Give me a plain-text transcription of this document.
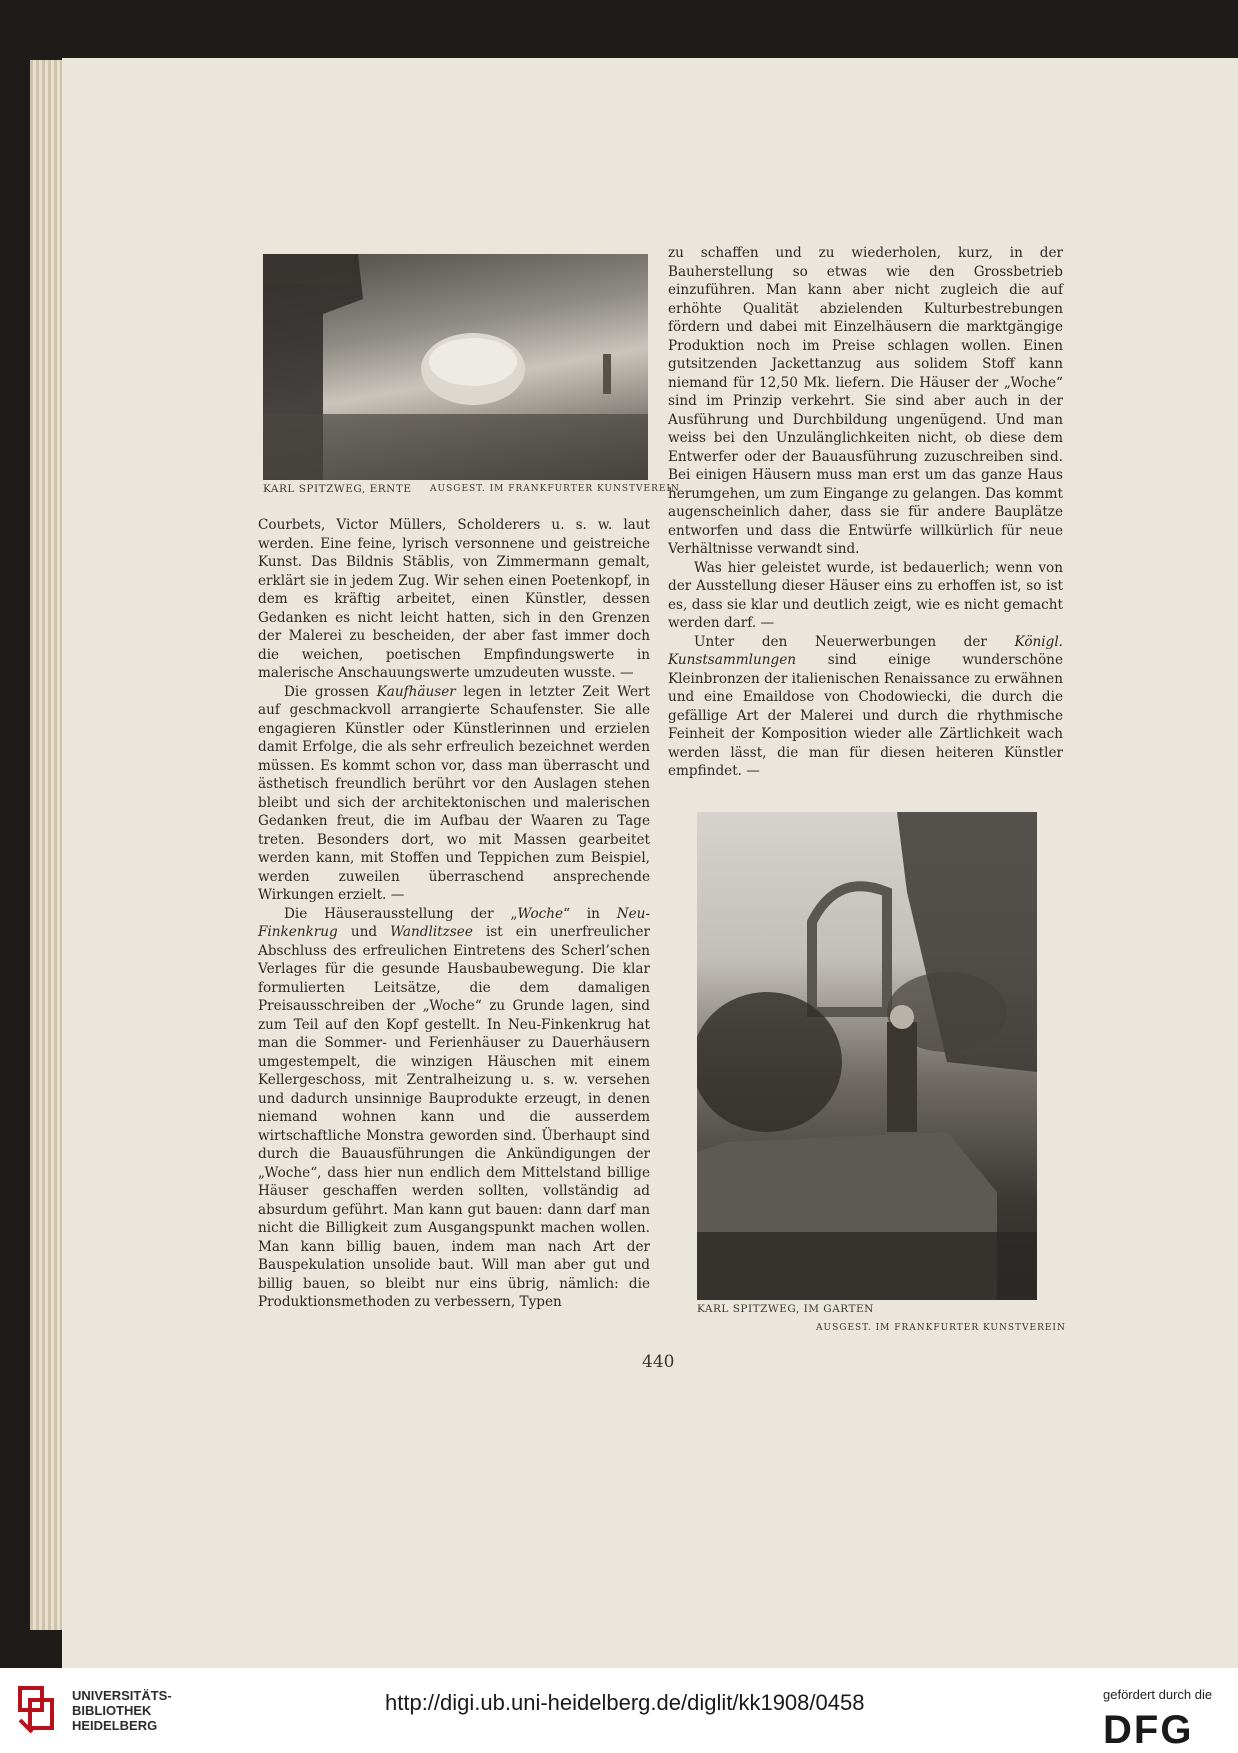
KARL SPITZWEG, ERNTE AUSGEST. IM FRANKFURTER KUNSTVEREIN

Courbets, Victor Müllers, Scholderers u. s. w. laut werden. Eine feine, lyrisch versonnene und geistreiche Kunst. Das Bildnis Stäblis, von Zimmermann gemalt, erklärt sie in jedem Zug. Wir sehen einen Poetenkopf, in dem es kräftig arbeitet, einen Künstler, dessen Gedanken es nicht leicht hatten, sich in den Grenzen der Malerei zu bescheiden, der aber fast immer doch die weichen, poetischen Empfindungswerte in malerische Anschauungswerte umzudeuten wusste. —

Die grossen Kaufhäuser legen in letzter Zeit Wert auf geschmackvoll arrangierte Schaufenster. Sie alle engagieren Künstler oder Künstlerinnen und erzielen damit Erfolge, die als sehr erfreulich bezeichnet werden müssen. Es kommt schon vor, dass man überrascht und ästhetisch freundlich berührt vor den Auslagen stehen bleibt und sich der architektonischen und malerischen Gedanken freut, die im Aufbau der Waaren zu Tage treten. Besonders dort, wo mit Massen gearbeitet werden kann, mit Stoffen und Teppichen zum Beispiel, werden zuweilen überraschend ansprechende Wirkungen erzielt. —

Die Häuserausstellung der „Woche“ in Neu-Finkenkrug und Wandlitzsee ist ein unerfreulicher Abschluss des erfreulichen Eintretens des Scherl’schen Verlages für die gesunde Hausbaubewegung. Die klar formulierten Leitsätze, die dem damaligen Preisausschreiben der „Woche“ zu Grunde lagen, sind zum Teil auf den Kopf gestellt. In Neu-Finkenkrug hat man die Sommer- und Ferienhäuser zu Dauerhäusern umgestempelt, die winzigen Häuschen mit einem Kellergeschoss, mit Zentralheizung u. s. w. versehen und dadurch unsinnige Bauprodukte erzeugt, in denen niemand wohnen kann und die ausserdem wirtschaftliche Monstra geworden sind. Überhaupt sind durch die Bauausführungen die Ankündigungen der „Woche“, dass hier nun endlich dem Mittelstand billige Häuser geschaffen werden sollten, vollständig ad absurdum geführt. Man kann gut bauen: dann darf man nicht die Billigkeit zum Ausgangspunkt machen wollen. Man kann billig bauen, indem man nach Art der Bauspekulation unsolide baut. Will man aber gut und billig bauen, so bleibt nur eins übrig, nämlich: die Produktionsmethoden zu verbessern, Typen

zu schaffen und zu wiederholen, kurz, in der Bauherstellung so etwas wie den Grossbetrieb einzuführen. Man kann aber nicht zugleich die auf erhöhte Qualität abzielenden Kulturbestrebungen fördern und dabei mit Einzelhäusern die marktgängige Produktion noch im Preise schlagen wollen. Einen gutsitzenden Jackettanzug aus solidem Stoff kann niemand für 12,50 Mk. liefern. Die Häuser der „Woche“ sind im Prinzip verkehrt. Sie sind aber auch in der Ausführung und Durchbildung ungenügend. Und man weiss bei den Unzulänglichkeiten nicht, ob diese dem Entwerfer oder der Bauausführung zuzuschreiben sind. Bei einigen Häusern muss man erst um das ganze Haus herumgehen, um zum Eingange zu gelangen. Das kommt augenscheinlich daher, dass sie für andere Bauplätze entworfen und dass die Entwürfe willkürlich für neue Verhältnisse verwandt sind.

Was hier geleistet wurde, ist bedauerlich; wenn von der Ausstellung dieser Häuser eins zu erhoffen ist, so ist es, dass sie klar und deutlich zeigt, wie es nicht gemacht werden darf. —

Unter den Neuerwerbungen der Königl. Kunstsammlungen sind einige wunderschöne Kleinbronzen der italienischen Renaissance zu erwähnen und eine Emaildose von Chodowiecki, die durch die gefällige Art der Malerei und durch die rhythmische Feinheit der Komposition wieder alle Zärtlichkeit wach werden lässt, die man für diesen heiteren Künstler empfindet. —

KARL SPITZWEG, IM GARTEN
AUSGEST. IM FRANKFURTER KUNSTVEREIN
440
UNIVERSITÄTS-
BIBLIOTHEK
HEIDELBERG
http://digi.ub.uni-heidelberg.de/diglit/kk1908/0458	gefördert durch die
DFG
